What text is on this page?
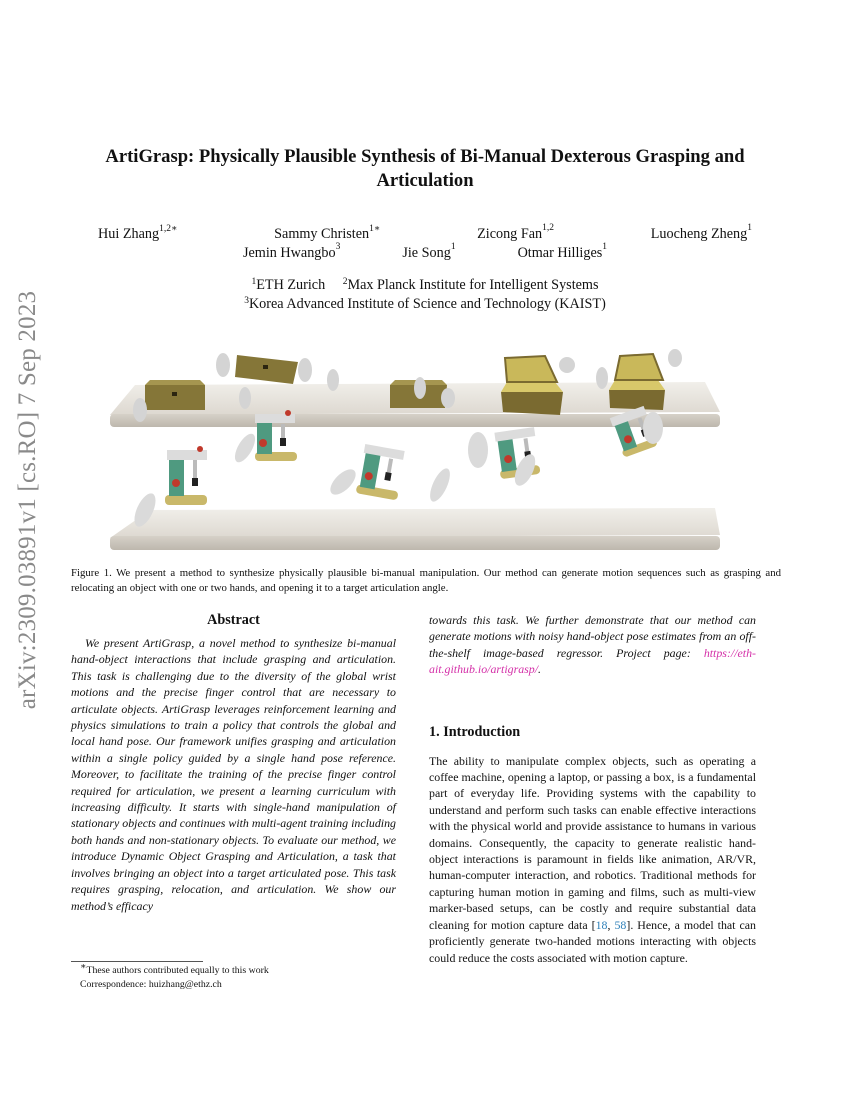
arXiv:2309.03891v1 [cs.RO] 7 Sep 2023
ArtiGrasp: Physically Plausible Synthesis of Bi-Manual Dexterous Grasping and Articulation
Hui Zhang$^{1,2∗}$	Sammy Christen$^{1∗}$	Zicong Fan$^{1,2}$	Luocheng Zheng$^1$
Jemin Hwangbo$^3$	Jie Song$^1$	Otmar Hilliges$^1$
$^1$ETH Zurich $^2$Max Planck Institute for Intelligent Systems
$^3$Korea Advanced Institute of Science and Technology (KAIST)
Figure 1. We present a method to synthesize physically plausible bi-manual manipulation. Our method can generate motion sequences such as grasping and relocating an object with one or two hands, and opening it to a target articulation angle.
Abstract

We present ArtiGrasp, a novel method to synthesize bi-manual hand-object interactions that include grasping and articulation. This task is challenging due to the diversity of the global wrist motions and the precise finger control that are necessary to articulate objects. ArtiGrasp leverages reinforcement learning and physics simulations to train a policy that controls the global and local hand pose. Our framework unifies grasping and articulation within a single policy guided by a single hand pose reference. Moreover, to facilitate the training of the precise finger control required for articulation, we present a learning curriculum with increasing difficulty. It starts with single-hand manipulation of stationary objects and continues with multi-agent training including both hands and non-stationary objects. To evaluate our method, we introduce Dynamic Object Grasping and Articulation, a task that involves bringing an object into a target articulated pose. This task requires grasping, relocation, and articulation. We show our method’s efficacy

∗These authors contributed equally to this work
Correspondence: huizhang@ethz.ch

towards this task. We further demonstrate that our method can generate motions with noisy hand-object pose estimates from an off-the-shelf image-based regressor. Project page: https://eth-ait.github.io/artigrasp/.

1. Introduction

The ability to manipulate complex objects, such as operating a coffee machine, opening a laptop, or passing a box, is a fundamental part of everyday life. Providing systems with the capability to understand and perform such tasks can enable effective interactions with the physical world and provide assistance to humans in various domains. Consequently, the capacity to generate realistic hand-object interactions is paramount in fields like animation, AR/VR, human-computer interaction, and robotics. Traditional methods for capturing human motion in gaming and films, such as multi-view marker-based setups, can be costly and require substantial data cleaning for motion capture data [18, 58]. Hence, a model that can proficiently generate two-handed motions interacting with objects could reduce the costs associated with motion capture.
